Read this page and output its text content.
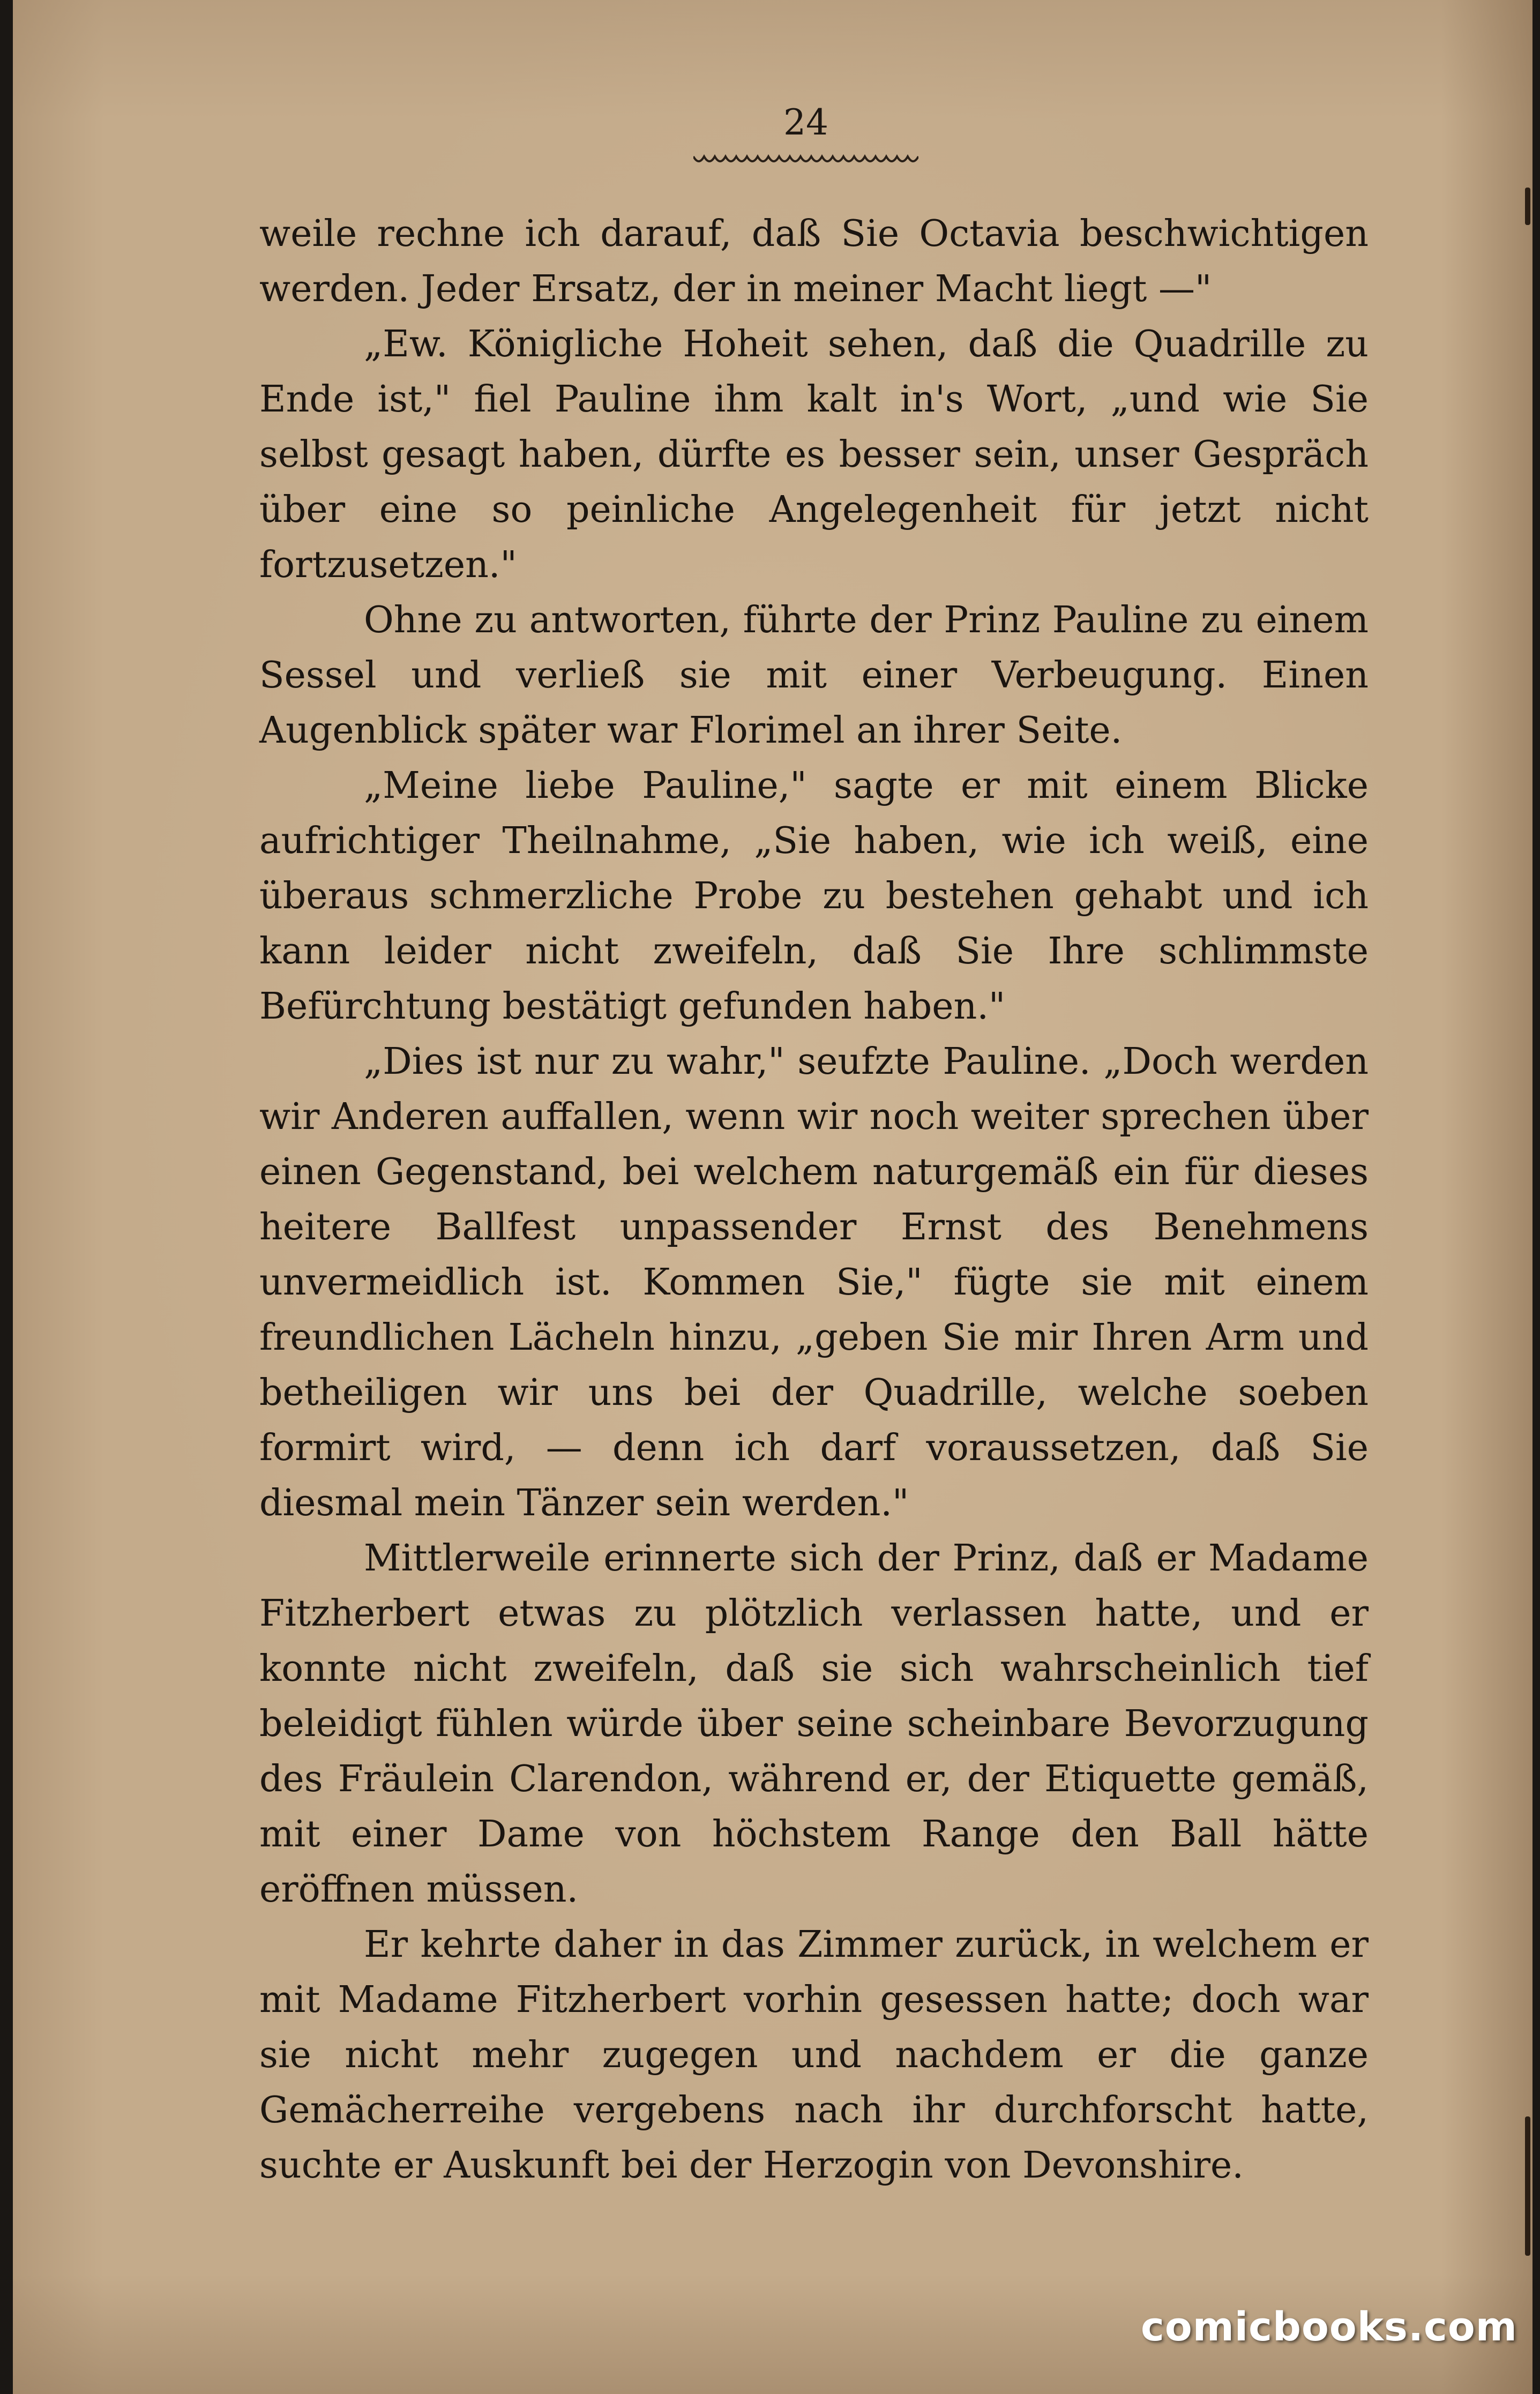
24

weile rechne ich darauf, daß Sie Octavia beschwichtigen werden. Jeder Ersatz, der in meiner Macht liegt —"

„Ew. Königliche Hoheit sehen, daß die Quadrille zu Ende ist," fiel Pauline ihm kalt in's Wort, „und wie Sie selbst gesagt haben, dürfte es besser sein, unser Gespräch über eine so peinliche Angelegenheit für jetzt nicht fortzusetzen."

Ohne zu antworten, führte der Prinz Pauline zu einem Sessel und verließ sie mit einer Verbeugung. Einen Augenblick später war Florimel an ihrer Seite.

„Meine liebe Pauline," sagte er mit einem Blicke aufrichtiger Theilnahme, „Sie haben, wie ich weiß, eine überaus schmerzliche Probe zu bestehen gehabt und ich kann leider nicht zweifeln, daß Sie Ihre schlimmste Befürchtung bestätigt gefunden haben."

„Dies ist nur zu wahr," seufzte Pauline. „Doch werden wir Anderen auffallen, wenn wir noch weiter sprechen über einen Gegenstand, bei welchem naturgemäß ein für dieses heitere Ballfest unpassender Ernst des Benehmens unvermeidlich ist. Kommen Sie," fügte sie mit einem freundlichen Lächeln hinzu, „geben Sie mir Ihren Arm und betheiligen wir uns bei der Quadrille, welche soeben formirt wird, — denn ich darf voraussetzen, daß Sie diesmal mein Tänzer sein werden."

Mittlerweile erinnerte sich der Prinz, daß er Madame Fitzherbert etwas zu plötzlich verlassen hatte, und er konnte nicht zweifeln, daß sie sich wahrscheinlich tief beleidigt fühlen würde über seine scheinbare Bevorzugung des Fräulein Clarendon, während er, der Etiquette gemäß, mit einer Dame von höchstem Range den Ball hätte eröffnen müssen.

Er kehrte daher in das Zimmer zurück, in welchem er mit Madame Fitzherbert vorhin gesessen hatte; doch war sie nicht mehr zugegen und nachdem er die ganze Gemächerreihe vergebens nach ihr durchforscht hatte, suchte er Auskunft bei der Herzogin von Devonshire.

comicbooks.com
